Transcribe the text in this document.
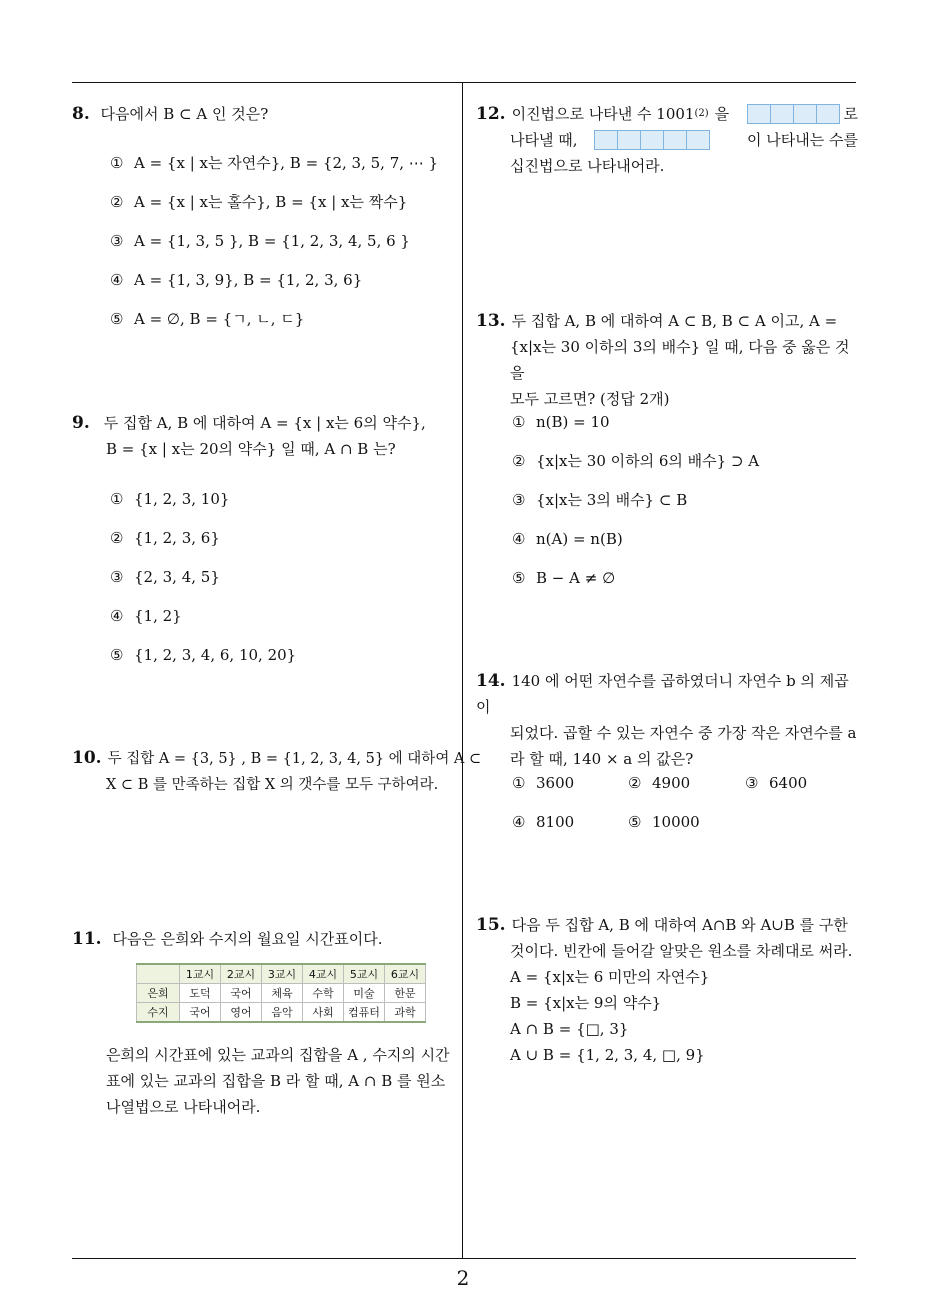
2
8. 다음에서 B ⊂ A 인 것은?
① A = {x | x는 자연수}, B = {2, 3, 5, 7, ⋯ }
② A = {x | x는 홀수}, B = {x | x는 짝수}
③ A = {1, 3, 5 }, B = {1, 2, 3, 4, 5, 6 }
④ A = {1, 3, 9}, B = {1, 2, 3, 6}
⑤ A = ∅, B = {ㄱ, ㄴ, ㄷ}
9. 두 집합 A, B 에 대하여 A = {x | x는 6의 약수},
B = {x | x는 20의 약수} 일 때, A ∩ B 는?
① {1, 2, 3, 10}
② {1, 2, 3, 6}
③ {2, 3, 4, 5}
④ {1, 2}
⑤ {1, 2, 3, 4, 6, 10, 20}
10. 두 집합 A = {3, 5} , B = {1, 2, 3, 4, 5} 에 대하여 A ⊂
X ⊂ B 를 만족하는 집합 X 의 갯수를 모두 구하여라.
11. 다음은 은희와 수지의 월요일 시간표이다.
	1교시	2교시	3교시	4교시	5교시	6교시
은희	도덕	국어	체육	수학	미술	한문
수지	국어	영어	음악	사회	컴퓨터	과학
은희의 시간표에 있는 교과의 집합을 A , 수지의 시간
표에 있는 교과의 집합을 B 라 할 때, A ∩ B 를 원소
나열법으로 나타내어라.
12. 이진법으로 나타낸 수 1001 (2) 을	로
나타낼 때,	이 나타내는 수를
십진법으로 나타내어라.
13. 두 집합 A, B 에 대하여 A ⊂ B, B ⊂ A 이고, A =
{x|x는 30 이하의 3의 배수} 일 때, 다음 중 옳은 것을
모두 고르면? (정답 2개)
① n(B) = 10
② {x|x는 30 이하의 6의 배수} ⊃ A
③ {x|x는 3의 배수} ⊂ B
④ n(A) = n(B)
⑤ B − A ≠ ∅
14. 140 에 어떤 자연수를 곱하였더니 자연수 b 의 제곱이
되었다. 곱할 수 있는 자연수 중 가장 작은 자연수를 a
라 할 때, 140 × a 의 값은?
① 3600	② 4900	③ 6400
④ 8100	⑤ 10000
15. 다음 두 집합 A, B 에 대하여 A∩B 와 A∪B 를 구한
것이다. 빈칸에 들어갈 알맞은 원소를 차례대로 써라.
A = {x|x는 6 미만의 자연수}
B = {x|x는 9의 약수}
A ∩ B = {□, 3}
A ∪ B = {1, 2, 3, 4, □, 9}
